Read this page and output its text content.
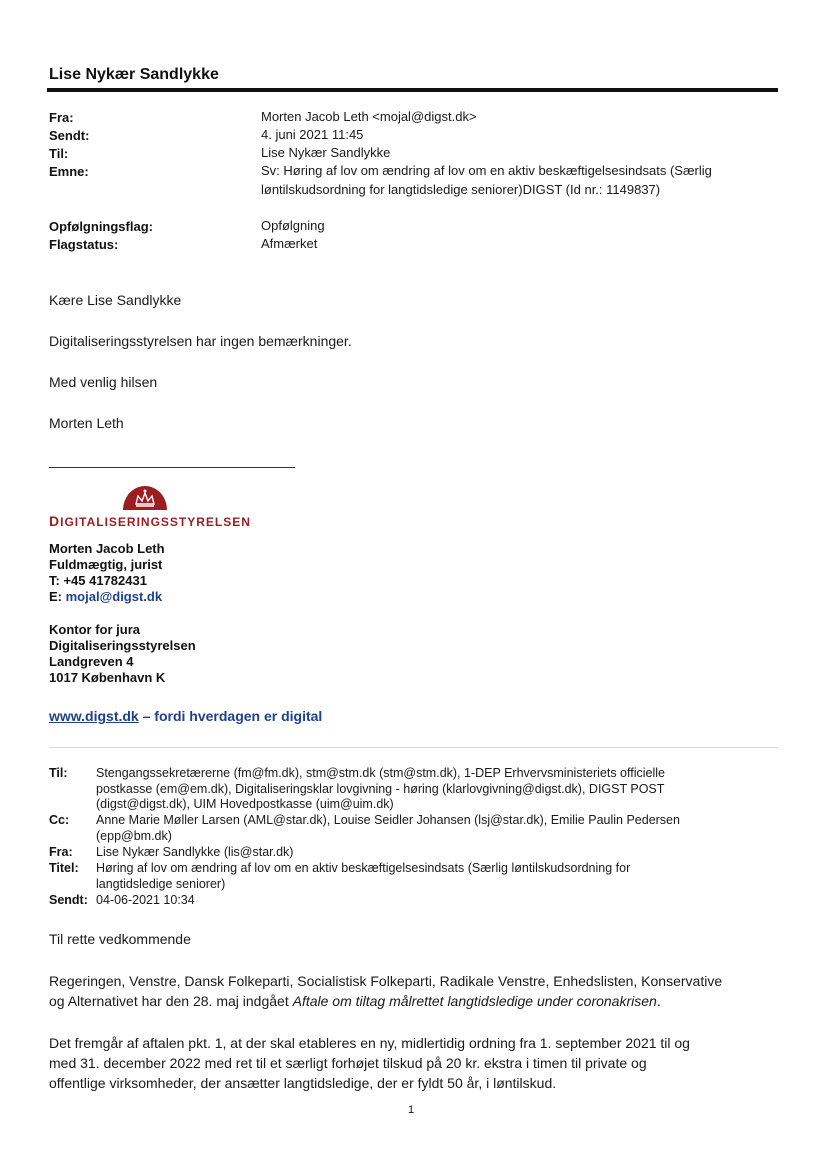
Lise Nykær Sandlykke
Fra:	Morten Jacob Leth <mojal@digst.dk>
Sendt:	4. juni 2021 11:45
Til:	Lise Nykær Sandlykke
Emne:	Sv: Høring af lov om ændring af lov om en aktiv beskæftigelsesindsats (Særlig
løntilskudsordning for langtidsledige seniorer)DIGST (Id nr.: 1149837)
Opfølgningsflag:	Opfølgning
Flagstatus:	Afmærket
Kære Lise Sandlykke
Digitaliseringsstyrelsen har ingen bemærkninger.
Med venlig hilsen
Morten Leth
DIGITALISERINGSSTYRELSEN
Morten Jacob Leth
Fuldmægtig, jurist
T: +45 41782431
E: mojal@digst.dk
Kontor for jura
Digitaliseringsstyrelsen
Landgreven 4
1017 København K
www.digst.dk – fordi hverdagen er digital
Til: Stengangssekretærerne (fm@fm.dk), stm@stm.dk (stm@stm.dk), 1-DEP Erhvervsministeriets officielle
postkasse (em@em.dk), Digitaliseringsklar lovgivning - høring (klarlovgivning@digst.dk), DIGST POST
(digst@digst.dk), UIM Hovedpostkasse (uim@uim.dk)
Cc: Anne Marie Møller Larsen (AML@star.dk), Louise Seidler Johansen (lsj@star.dk), Emilie Paulin Pedersen
(epp@bm.dk)
Fra: Lise Nykær Sandlykke (lis@star.dk)
Titel: Høring af lov om ændring af lov om en aktiv beskæftigelsesindsats (Særlig løntilskudsordning for
langtidsledige seniorer)
Sendt: 04-06-2021 10:34
Til rette vedkommende
Regeringen, Venstre, Dansk Folkeparti, Socialistisk Folkeparti, Radikale Venstre, Enhedslisten, Konservative
og Alternativet har den 28. maj indgået Aftale om tiltag målrettet langtidsledige under coronakrisen.
Det fremgår af aftalen pkt. 1, at der skal etableres en ny, midlertidig ordning fra 1. september 2021 til og
med 31. december 2022 med ret til et særligt forhøjet tilskud på 20 kr. ekstra i timen til private og
offentlige virksomheder, der ansætter langtidsledige, der er fyldt 50 år, i løntilskud.
1
